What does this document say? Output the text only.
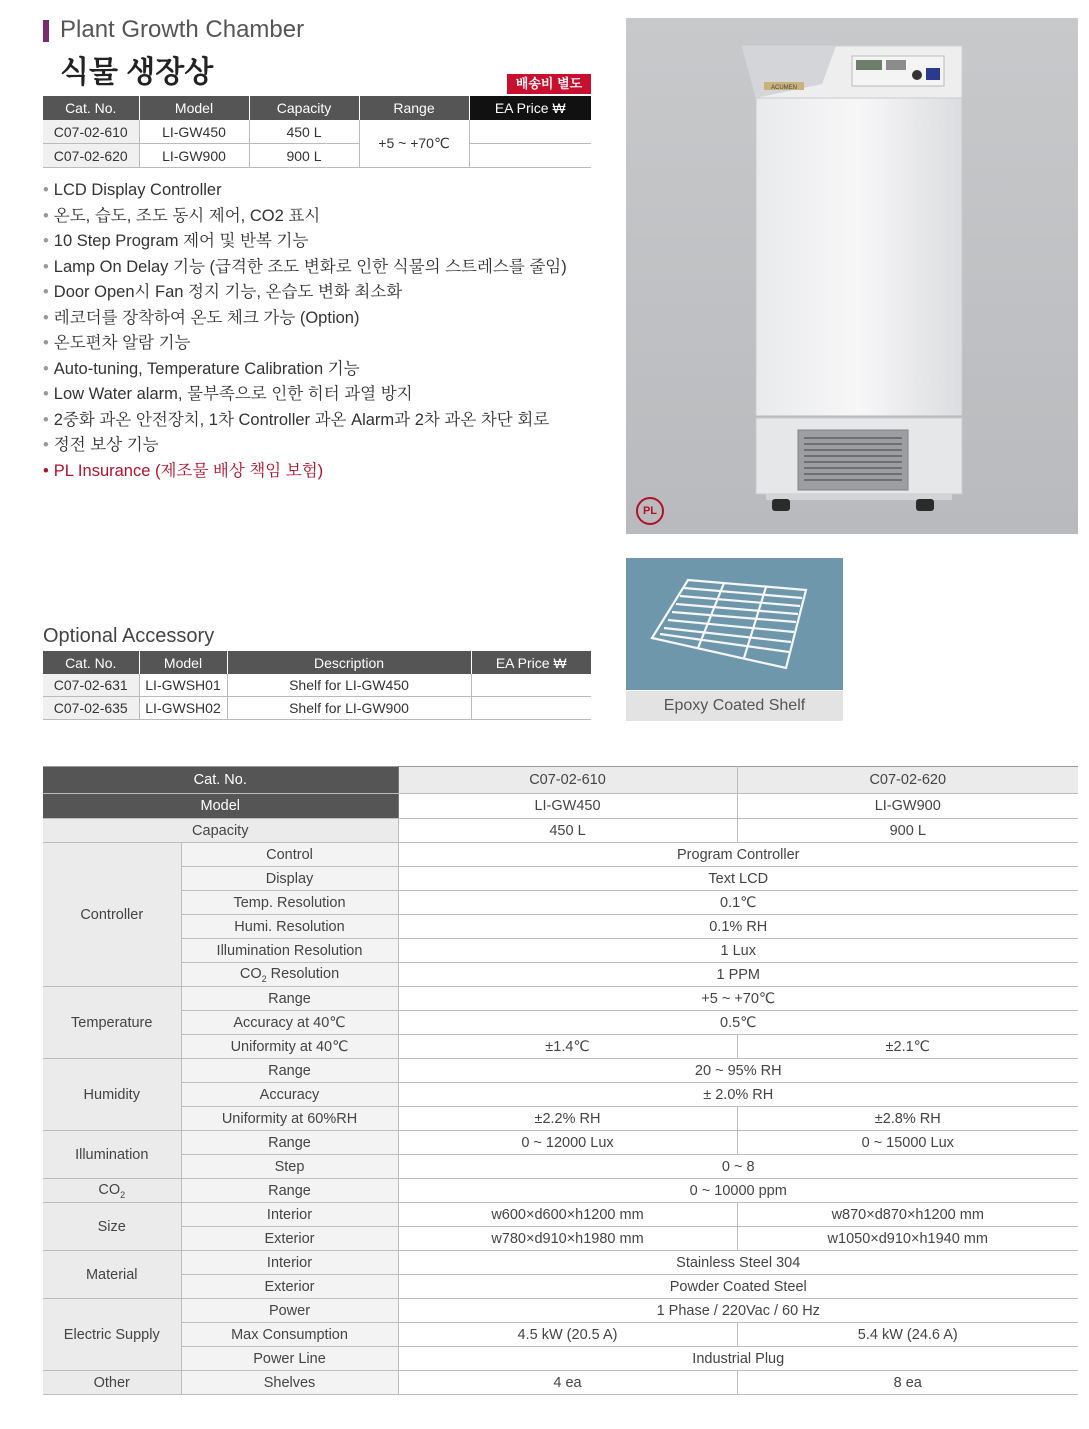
Plant Growth Chamber
식물 생장상	배송비 별도
Cat. No.	Model	Capacity	Range	EA Price ₩
C07-02-610	LI-GW450	450 L	+5 ~ +70℃	
C07-02-620	LI-GW900	900 L		
• LCD Display Controller
• 온도, 습도, 조도 동시 제어, CO2 표시
• 10 Step Program 제어 및 반복 기능
• Lamp On Delay 기능 (급격한 조도 변화로 인한 식물의 스트레스를 줄임)
• Door Open시 Fan 정지 기능, 온습도 변화 최소화
• 레코더를 장착하여 온도 체크 가능 (Option)
• 온도편차 알람 기능
• Auto-tuning, Temperature Calibration 기능
• Low Water alarm, 물부족으로 인한 히터 과열 방지
• 2중화 과온 안전장치, 1차 Controller 과온 Alarm과 2차 과온 차단 회로
• 정전 보상 기능
• PL Insurance (제조물 배상 책임 보험)
ACUMEN
PL
Optional Accessory
Cat. No.	Model	Description	EA Price ₩
C07-02-631	LI-GWSH01	Shelf for LI-GW450	
C07-02-635	LI-GWSH02	Shelf for LI-GW900		Epoxy Coated Shelf
Cat. No.		C07-02-610	C07-02-620
Model		LI-GW450	LI-GW900
Capacity		450 L	900 L
Controller	Control	Program Controller	
	Display	Text LCD	
	Temp. Resolution	0.1℃	
	Humi. Resolution	0.1% RH	
	Illumination Resolution	1 Lux	
	$CO_2$ Resolution	1 PPM	
Temperature	Range	+5 ~ +70℃	
	Accuracy at 40℃	0.5℃	
	Uniformity at 40℃	±1.4℃	±2.1℃
Humidity	Range	20 ~ 95% RH	
	Accuracy	± 2.0% RH	
	Uniformity at 60%RH	±2.2% RH	±2.8% RH
Illumination	Range	0 ~ 12000 Lux	0 ~ 15000 Lux
	Step	0 ~ 8	
$CO_2$	Range	0 ~ 10000 ppm	
Size	Interior	w600×d600×h1200 mm	w870×d870×h1200 mm
	Exterior	w780×d910×h1980 mm	w1050×d910×h1940 mm
Material	Interior	Stainless Steel 304	
	Exterior	Powder Coated Steel	
Electric Supply	Power	1 Phase / 220Vac / 60 Hz	
	Max Consumption	4.5 kW (20.5 A)	5.4 kW (24.6 A)
	Power Line	Industrial Plug	
Other	Shelves	4 ea	8 ea
